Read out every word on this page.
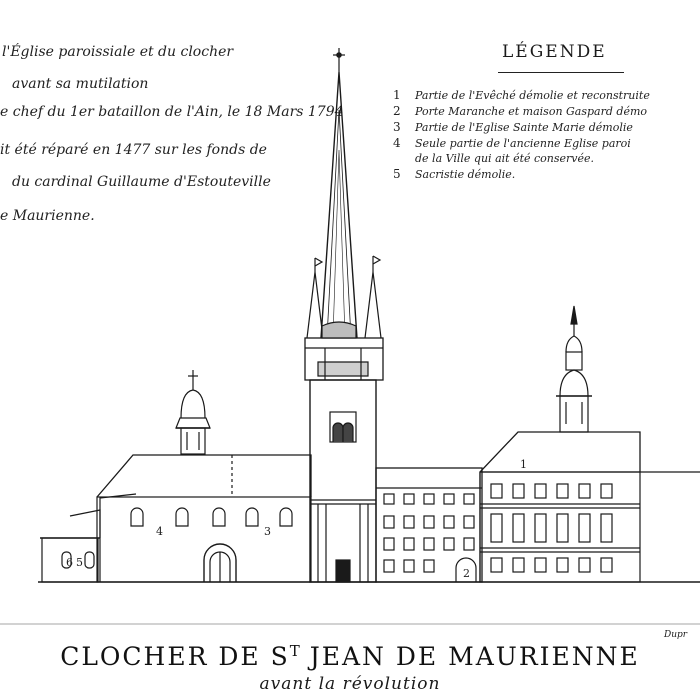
l'Église paroissiale et du clocher
avant sa mutilation
e chef du 1er bataillon de l'Ain, le 18 Mars 1794
it été réparé en 1477 sur les fonds de
du cardinal Guillaume d'Estouteville
e Maurienne.
LÉGENDE
1 Partie de l'Evêché démolie et reconstruite
2 Porte Maranche et maison Gaspard démo
3 Partie de l'Eglise Sainte Marie démolie
4 Seule partie de l'ancienne Eglise paroi
de la Ville qui ait été conservée.
5 Sacristie démolie.
1
2
3
4
5
6
Dupr
CLOCHER DE $S^T$ JEAN DE MAURIENNE
avant la révolution
